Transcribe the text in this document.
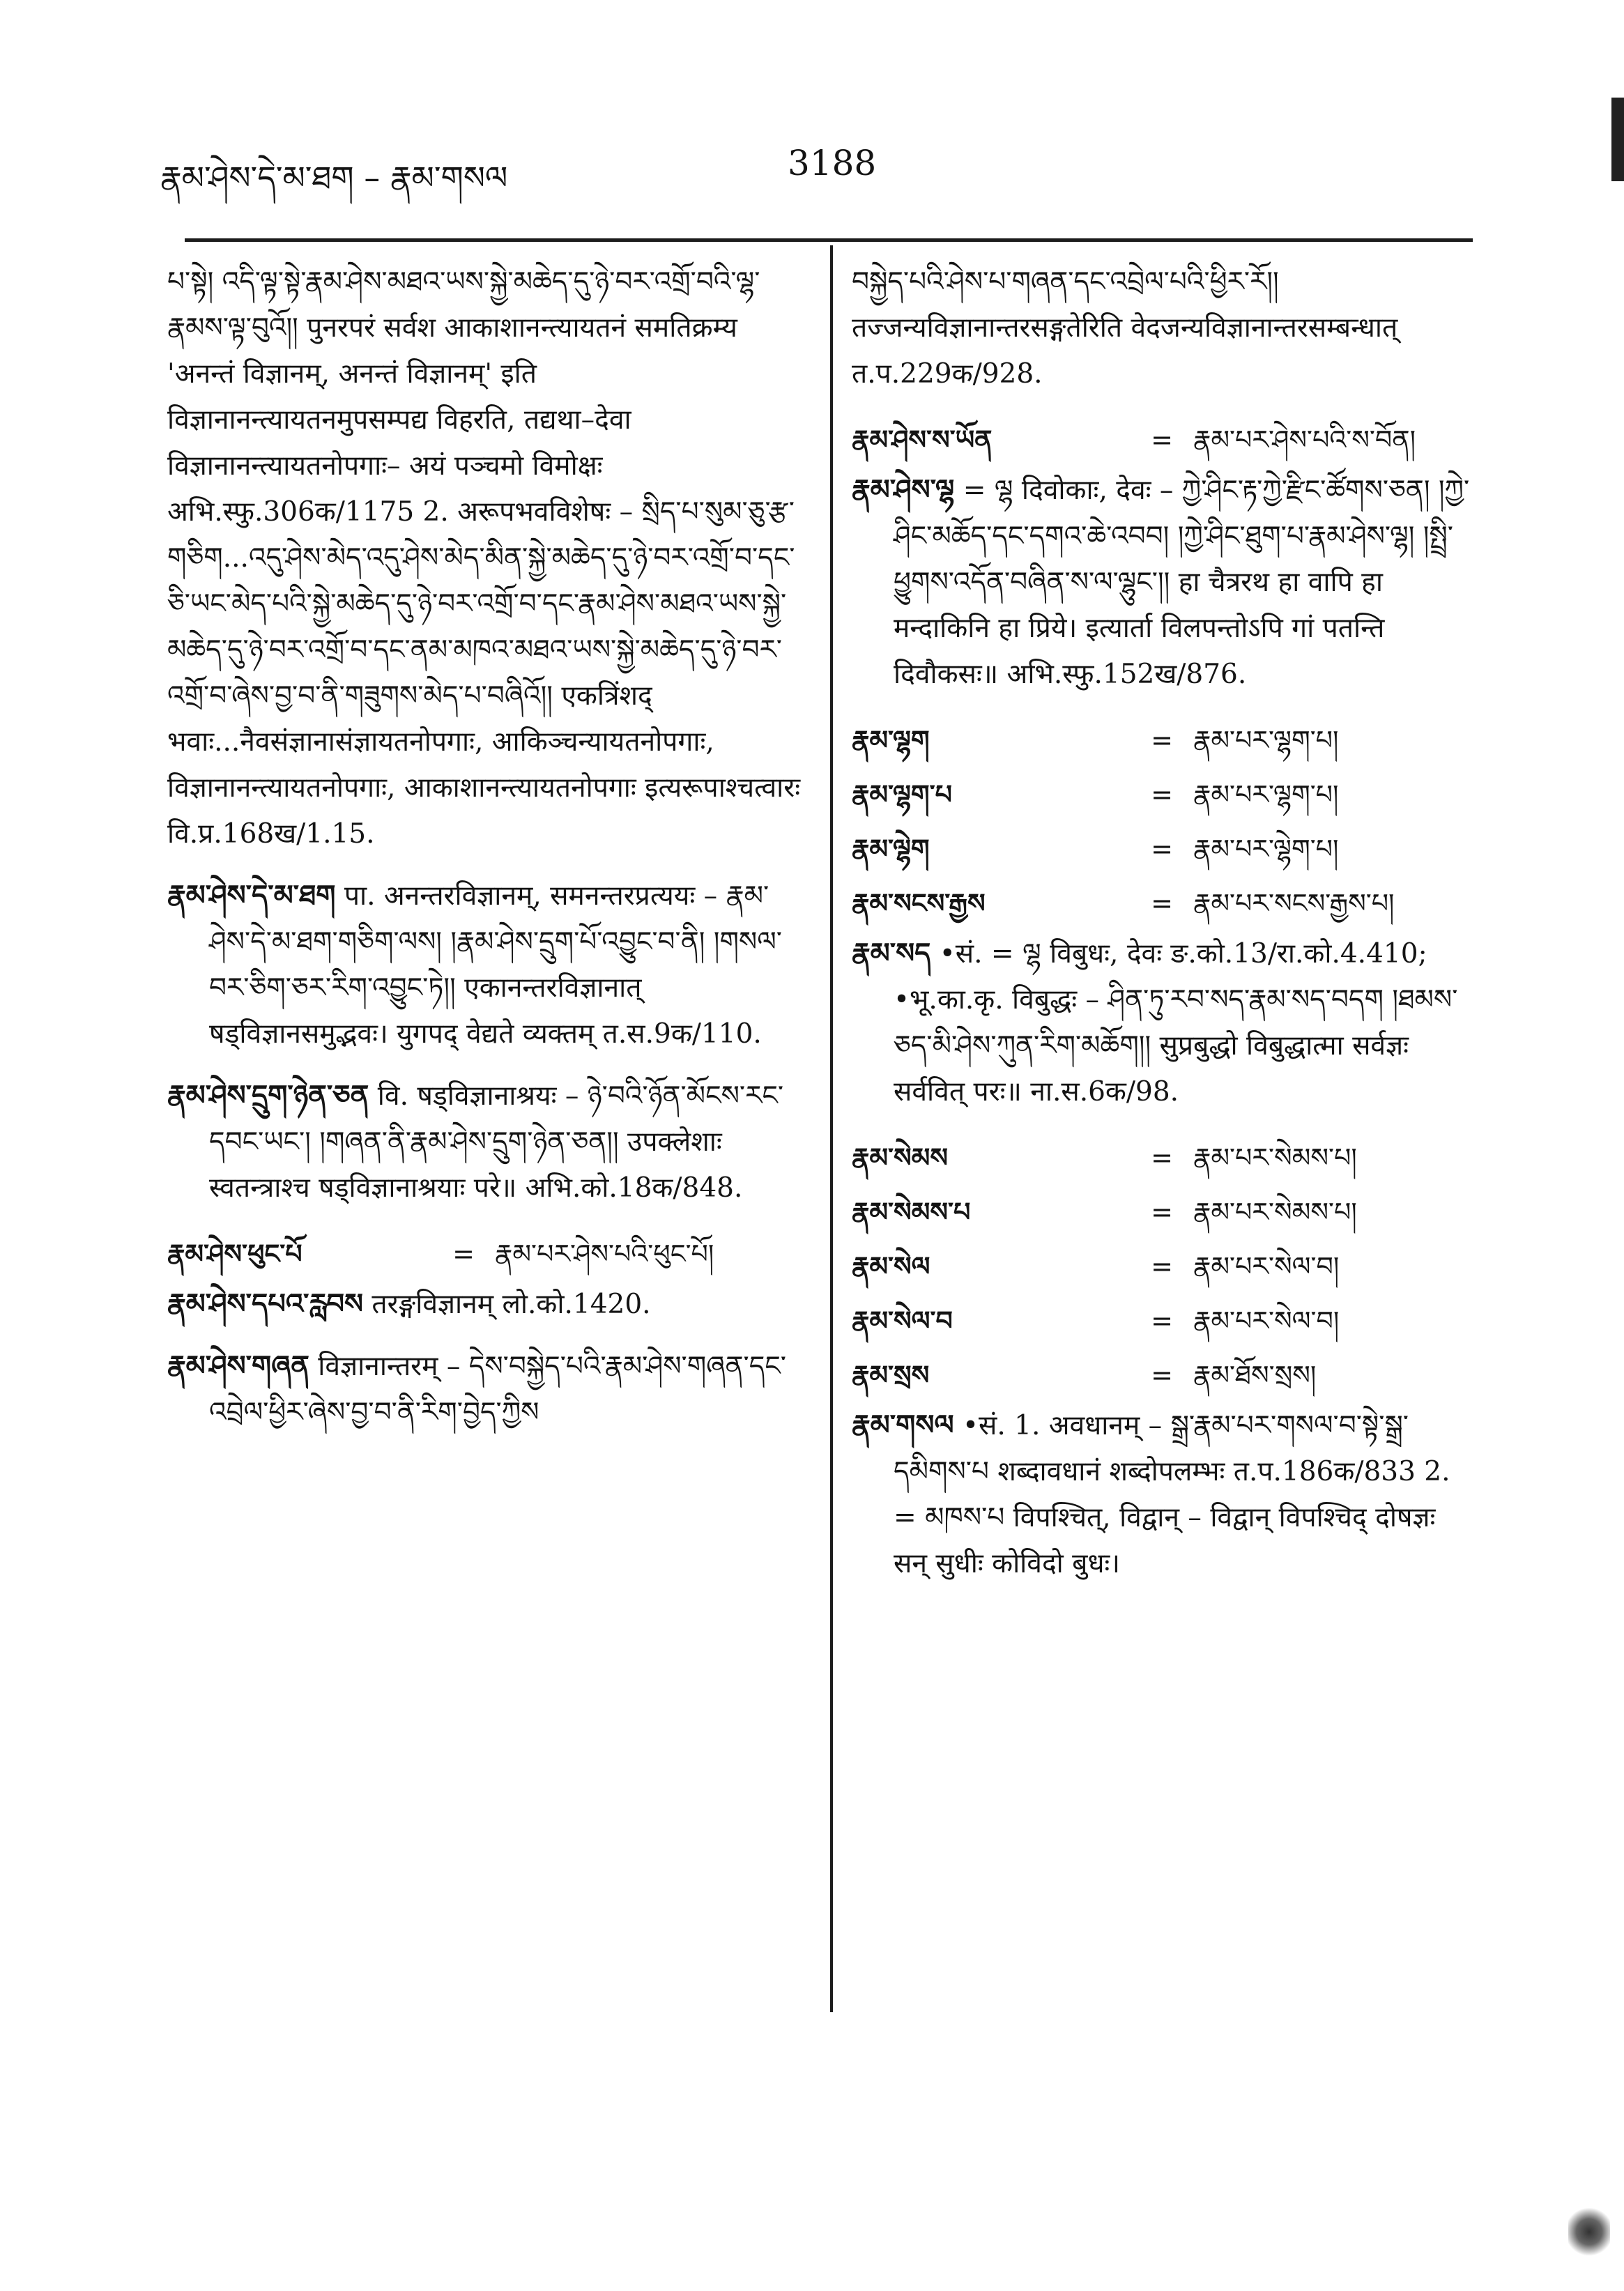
རྣམ་ཤེས་དེ་མ་ཐག – རྣམ་གསལ	3188
པ་སྟེ། འདི་ལྟ་སྟེ་རྣམ་ཤེས་མཐའ་ཡས་སྐྱེ་མཆེད་དུ་ཉེ་བར་འགྲོ་བའི་ལྷ་རྣམས་ལྟ་བུའོ།། पुनरपरं सर्वश आकाशानन्त्यायतनं समतिक्रम्य 'अनन्तं विज्ञानम्, अनन्तं विज्ञानम्' इति विज्ञानानन्त्यायतनमुपसम्पद्य विहरति, तद्यथा–देवा विज्ञानानन्त्यायतनोपगाः– अयं पञ्चमो विमोक्षः अभि.स्फु.306क/1175 2. अरूपभवविशेषः – སྲིད་པ་སུམ་ཅུ་རྩ་གཅིག...འདུ་ཤེས་མེད་འདུ་ཤེས་མེད་མིན་སྐྱེ་མཆེད་དུ་ཉེ་བར་འགྲོ་བ་དང་ཅི་ཡང་མེད་པའི་སྐྱེ་མཆེད་དུ་ཉེ་བར་འགྲོ་བ་དང་རྣམ་ཤེས་མཐའ་ཡས་སྐྱེ་མཆེད་དུ་ཉེ་བར་འགྲོ་བ་དང་ནམ་མཁའ་མཐའ་ཡས་སྐྱེ་མཆེད་དུ་ཉེ་བར་འགྲོ་བ་ཞེས་བྱ་བ་ནི་གཟུགས་མེད་པ་བཞིའོ།། एकत्रिंशद् भवाः...नैवसंज्ञानासंज्ञायतनोपगाः, आकिञ्चन्यायतनोपगाः, विज्ञानानन्त्यायतनोपगाः, आकाशानन्त्यायतनोपगाः इत्यरूपाश्चत्वारः वि.प्र.168ख/1.15.
རྣམ་ཤེས་དེ་མ་ཐག पा. अनन्तरविज्ञानम्, समनन्तरप्रत्ययः – རྣམ་ཤེས་དེ་མ་ཐག་གཅིག་ལས། །རྣམ་ཤེས་དྲུག་པོ་འབྱུང་བ་ནི། །གསལ་བར་ཅིག་ཅར་རིག་འབྱུང་ཏེ།། एकानन्तरविज्ञानात् षड्विज्ञानसमुद्भवः। युगपद् वेद्यते व्यक्तम् त.स.9क/110.
རྣམ་ཤེས་དྲུག་ཉེན་ཅན वि. षड्विज्ञानाश्रयः – ཉེ་བའི་ཉོན་མོངས་རང་དབང་ཡང་། །གཞན་ནི་རྣམ་ཤེས་དྲུག་ཉེན་ཅན།། उपक्लेशाः स्वतन्त्राश्च षड्विज्ञानाश्रयाः परे॥ अभि.को.18क/848.
རྣམ་ཤེས་ཕུང་པོ	= རྣམ་པར་ཤེས་པའི་ཕུང་པོ།
རྣམ་ཤེས་དཔའ་རླབས तरङ्गविज्ञानम् लो.को.1420.
རྣམ་ཤེས་གཞན विज्ञानान्तरम् – དེས་བསྐྱེད་པའི་རྣམ་ཤེས་གཞན་དང་འབྲེལ་ཕྱིར་ཞེས་བྱ་བ་ནི་རིག་བྱེད་ཀྱིས
བསྐྱེད་པའི་ཤེས་པ་གཞན་དང་འབྲེལ་པའི་ཕྱིར་རོ།། तज्जन्यविज्ञानान्तरसङ्गतेरिति वेदजन्यविज्ञानान्तरसम्बन्धात् त.प.229क/928.
རྣམ་ཤེས་ས་ཡོན	= རྣམ་པར་ཤེས་པའི་ས་བོན།
རྣམ་ཤེས་ལྷ = ལྷ दिवोकाः, देवः – ཀྱེ་ཤིང་རྟ་ཀྱེ་རྫིང་ཚོགས་ཅན། །ཀྱེ་ཤིང་མཆོད་དང་དགའ་ཆེ་འབབ། །ཀྱེ་ཤིང་ཐུག་པ་རྣམ་ཤེས་ལྷ། །སྤྲི་ཕྱུགས་འདོན་བཞིན་ས་ལ་ལྷུང་།། हा चैत्ररथ हा वापि हा मन्दाकिनि हा प्रिये। इत्यार्ता विलपन्तोऽपि गां पतन्ति दिवौकसः॥ अभि.स्फु.152ख/876.
རྣམ་ལྷག	= རྣམ་པར་ལྷག་པ།
རྣམ་ལྷག་པ	= རྣམ་པར་ལྷག་པ།
རྣམ་ལྷེག	= རྣམ་པར་ལྷེག་པ།
རྣམ་སངས་རྒྱས	= རྣམ་པར་སངས་རྒྱས་པ།
རྣམ་སད •सं. = ལྷ विबुधः, देवः ङ.को.13/रा.को.4.410; •भू.का.कृ. विबुद्धः – ཤིན་ཏུ་རབ་སད་རྣམ་སད་བདག །ཐམས་ཅད་མི་ཤེས་ཀུན་རིག་མཆོག།། सुप्रबुद्धो विबुद्धात्मा सर्वज्ञः सर्ववित् परः॥ ना.स.6क/98.
རྣམ་སེམས	= རྣམ་པར་སེམས་པ།
རྣམ་སེམས་པ	= རྣམ་པར་སེམས་པ།
རྣམ་སེལ	= རྣམ་པར་སེལ་བ།
རྣམ་སེལ་བ	= རྣམ་པར་སེལ་བ།
རྣམ་སྲས	= རྣམ་ཐོས་སྲས།
རྣམ་གསལ •सं. 1. अवधानम् – སྒྲ་རྣམ་པར་གསལ་བ་སྟེ་སྒྲ་དམིགས་པ शब्दावधानं शब्दोपलम्भः त.प.186क/833 2. = མཁས་པ विपश्चित्, विद्वान् – विद्वान् विपश्चिद् दोषज्ञः सन् सुधीः कोविदो बुधः।
